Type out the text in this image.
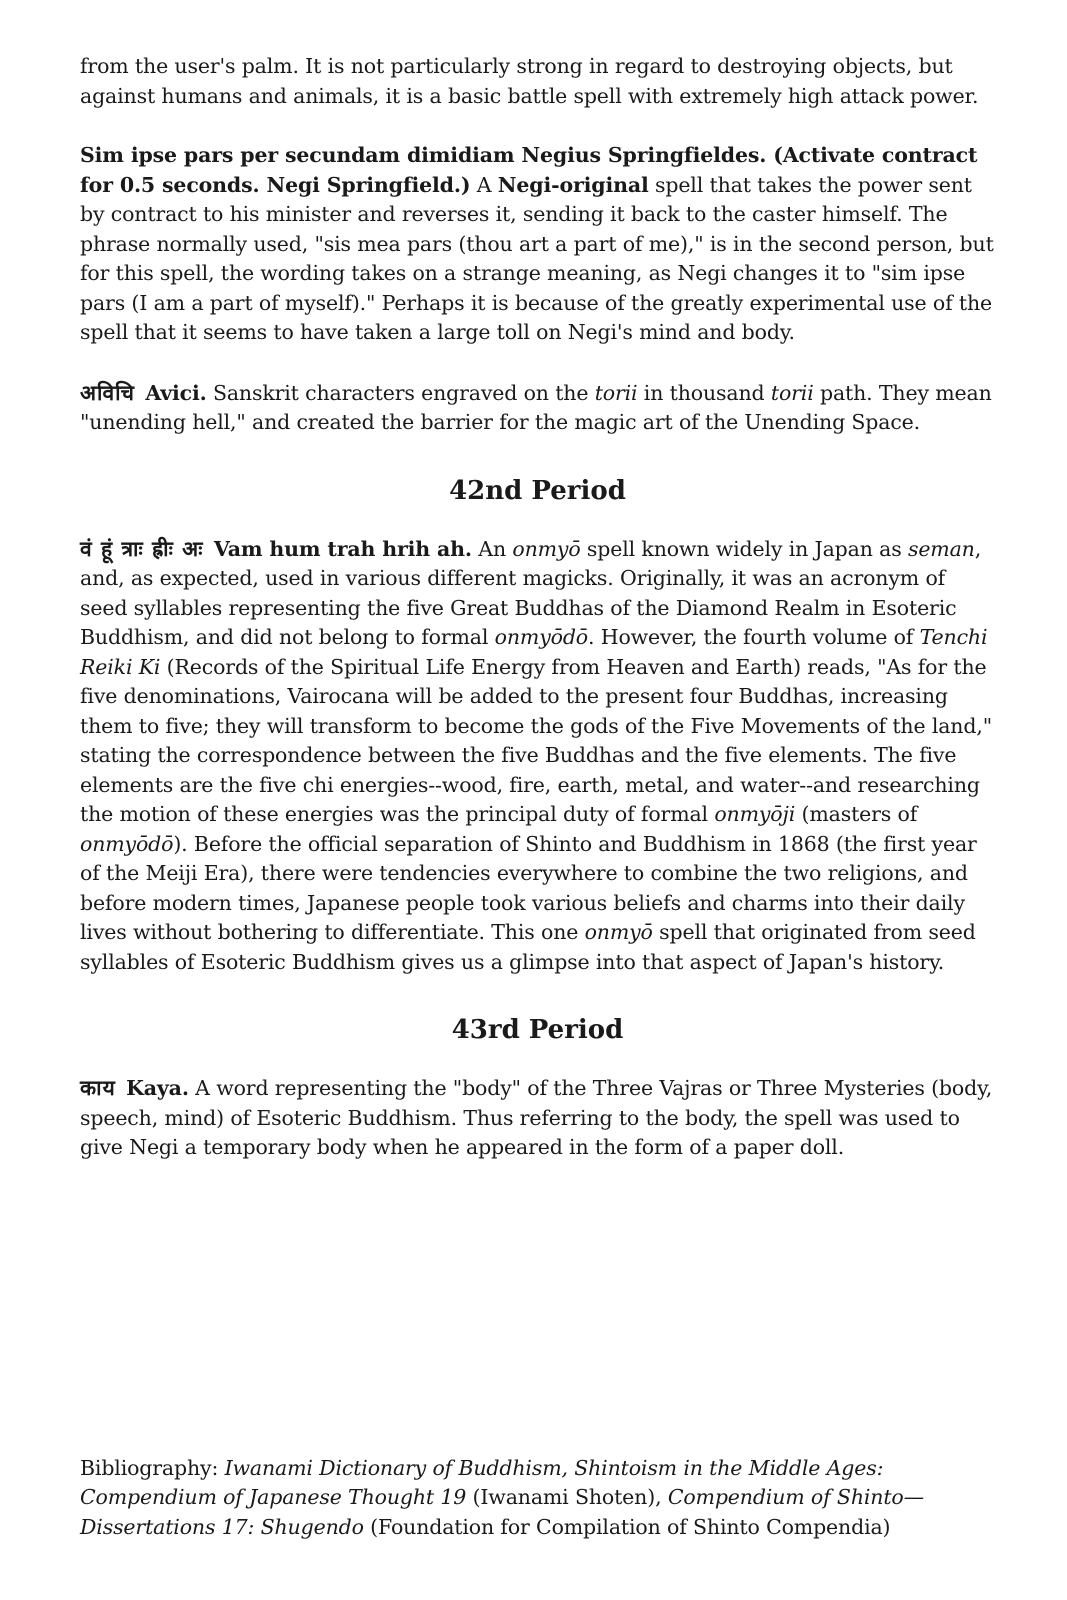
from the user's palm. It is not particularly strong in regard to destroying objects, but against humans and animals, it is a basic battle spell with extremely high attack power.

Sim ipse pars per secundam dimidiam Negius Springfieldes. (Activate contract for 0.5 seconds. Negi Springfield.) A Negi-original spell that takes the power sent by contract to his minister and reverses it, sending it back to the caster himself. The phrase normally used, "sis mea pars (thou art a part of me)," is in the second person, but for this spell, the wording takes on a strange meaning, as Negi changes it to "sim ipse pars (I am a part of myself)." Perhaps it is because of the greatly experimental use of the spell that it seems to have taken a large toll on Negi's mind and body.

अविचि Avici. Sanskrit characters engraved on the torii in thousand torii path. They mean "unending hell," and created the barrier for the magic art of the Unending Space.

42nd Period

वं हूं त्राः ह्रीः अः Vam hum trah hrih ah. An onmyō spell known widely in Japan as seman, and, as expected, used in various different magicks. Originally, it was an acronym of seed syllables representing the five Great Buddhas of the Diamond Realm in Esoteric Buddhism, and did not belong to formal onmyōdō. However, the fourth volume of Tenchi Reiki Ki (Records of the Spiritual Life Energy from Heaven and Earth) reads, "As for the five denominations, Vairocana will be added to the present four Buddhas, increasing them to five; they will transform to become the gods of the Five Movements of the land," stating the correspondence between the five Buddhas and the five elements. The five elements are the five chi energies--wood, fire, earth, metal, and water--and researching the motion of these energies was the principal duty of formal onmyōji (masters of onmyōdō). Before the official separation of Shinto and Buddhism in 1868 (the first year of the Meiji Era), there were tendencies everywhere to combine the two religions, and before modern times, Japanese people took various beliefs and charms into their daily lives without bothering to differentiate. This one onmyō spell that originated from seed syllables of Esoteric Buddhism gives us a glimpse into that aspect of Japan's history.

43rd Period

काय Kaya. A word representing the "body" of the Three Vajras or Three Mysteries (body, speech, mind) of Esoteric Buddhism. Thus referring to the body, the spell was used to give Negi a temporary body when he appeared in the form of a paper doll.

Bibliography: Iwanami Dictionary of Buddhism, Shintoism in the Middle Ages: Compendium of Japanese Thought 19 (Iwanami Shoten), Compendium of Shinto—Dissertations 17: Shugendo (Foundation for Compilation of Shinto Compendia)
